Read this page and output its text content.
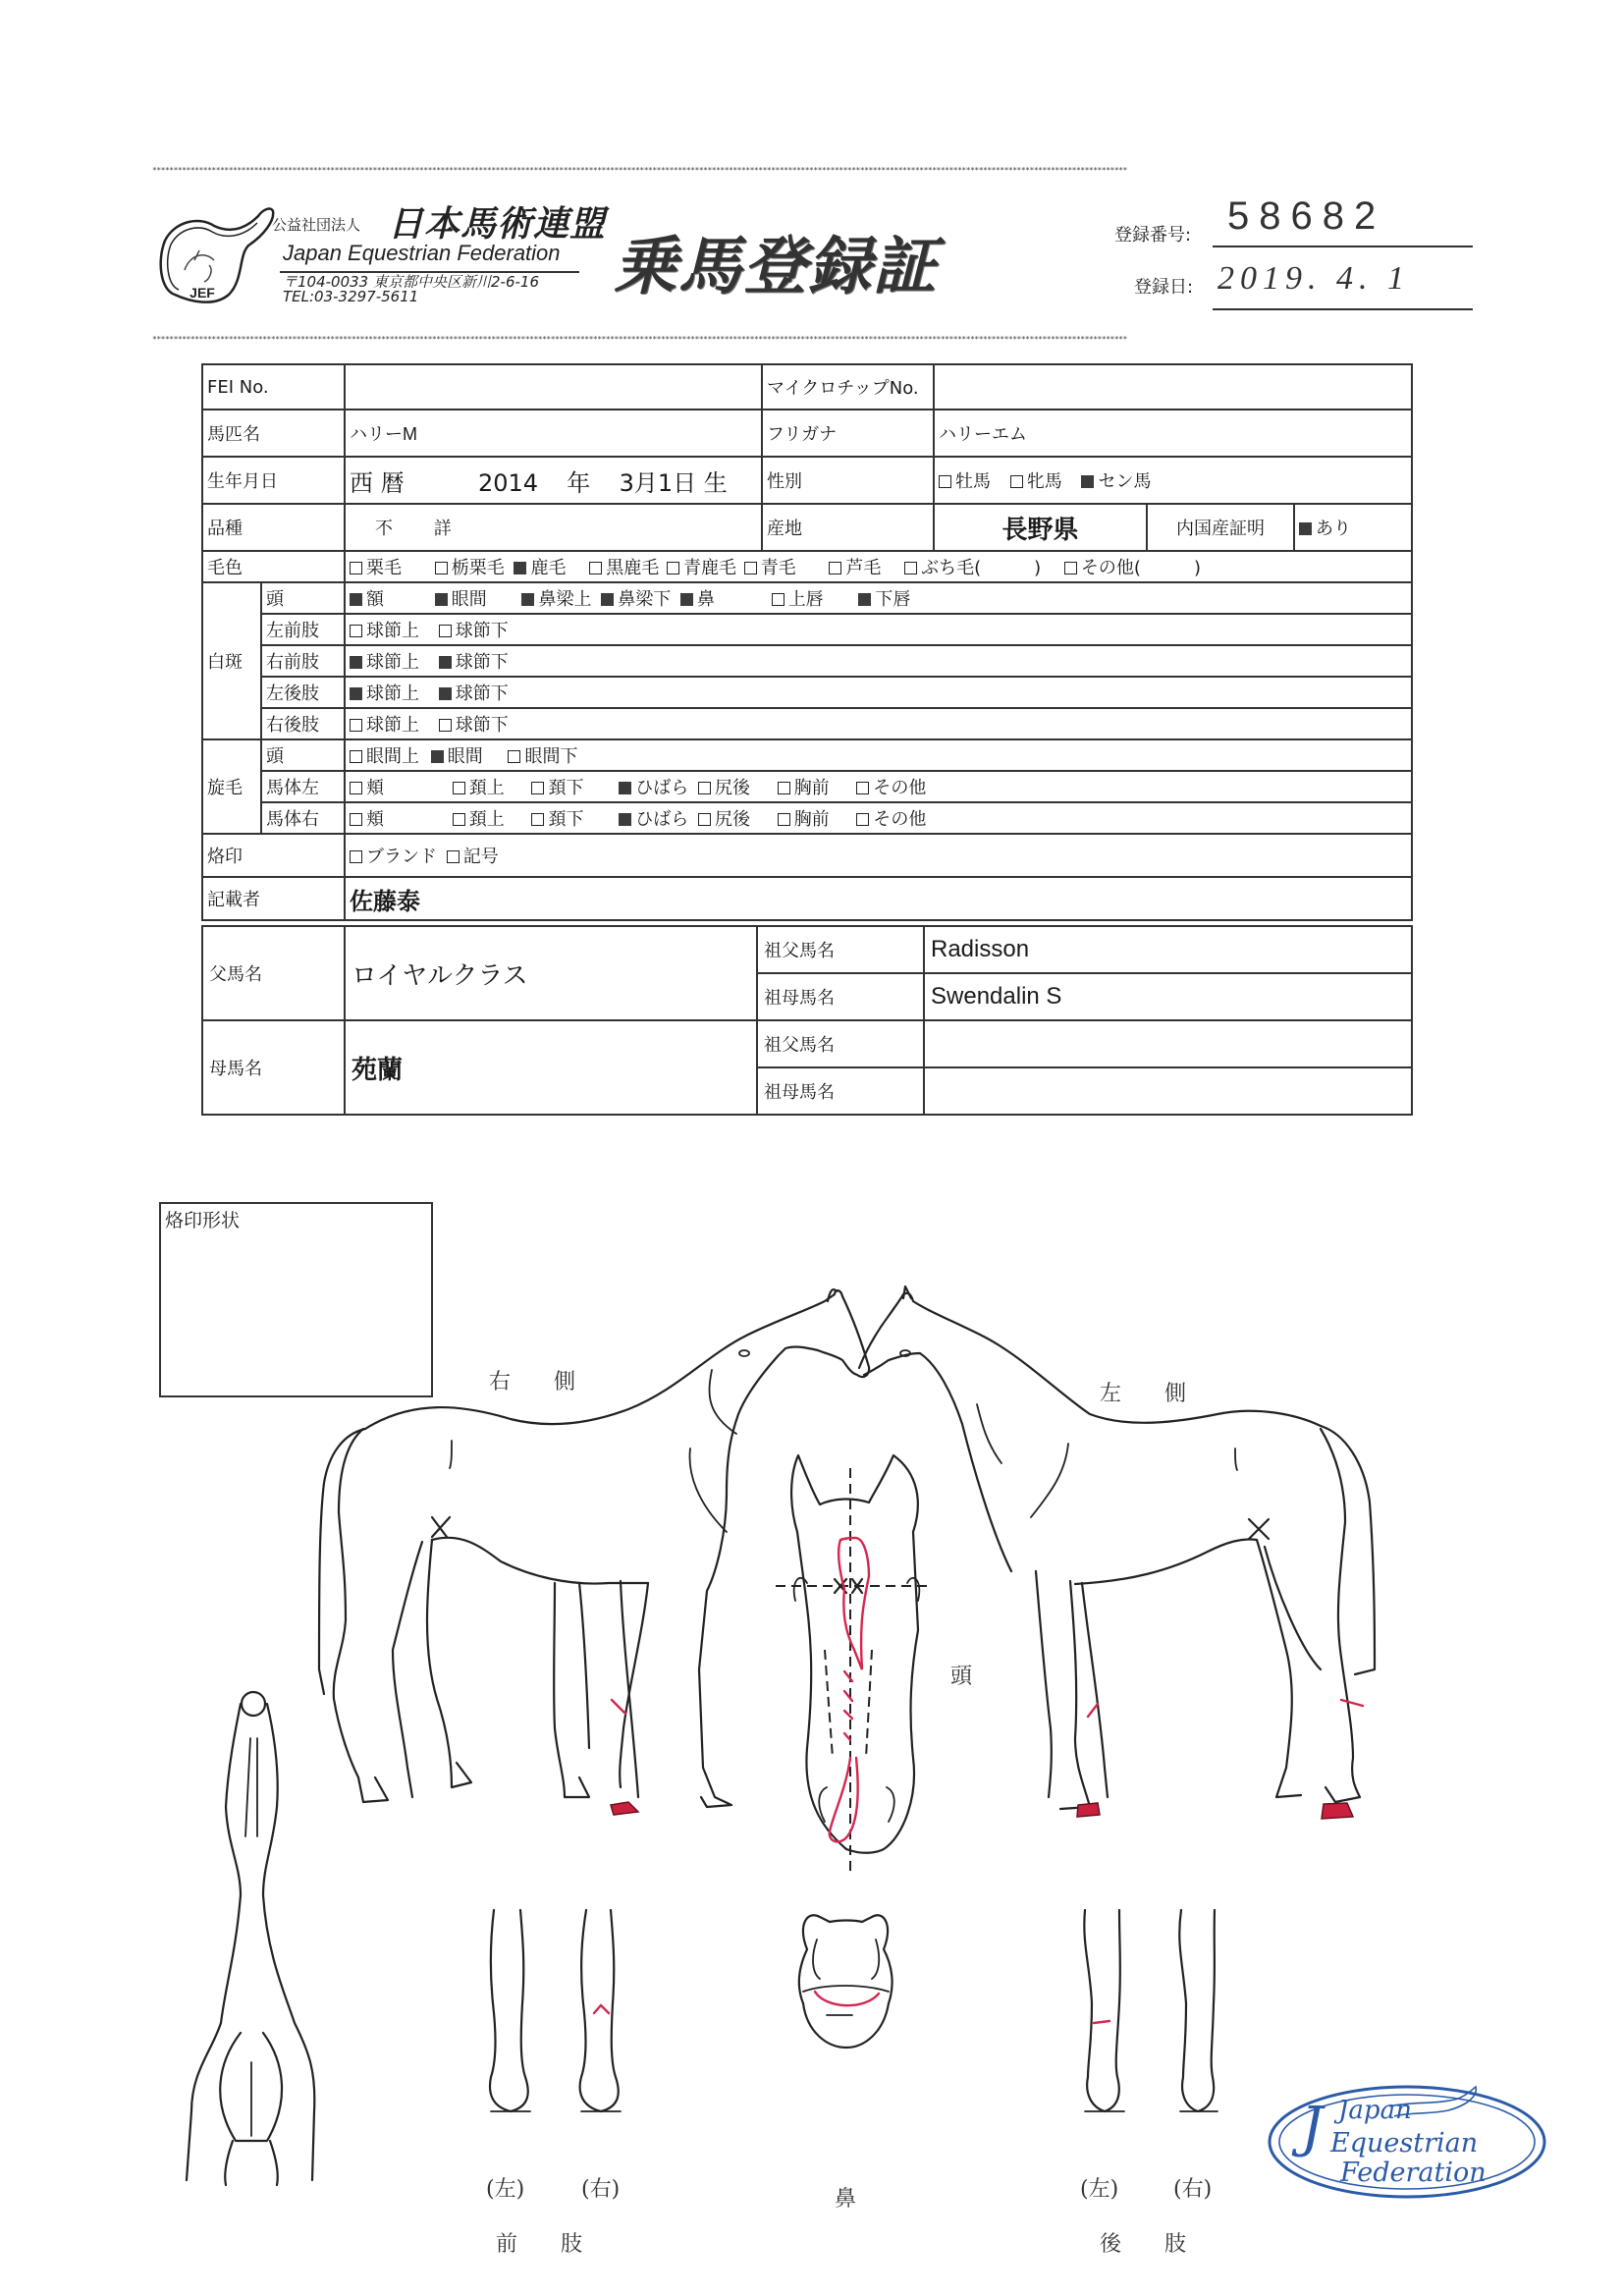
**************************************************************************************************************************************************************************************************************************************
JEF
公益社団法人 日本馬術連盟
Japan Equestrian Federation
〒104-0033 東京都中央区新川2-6-16
TEL:03-3297-5611	乗馬登録証	登録番号: 58682
登録日: 2019. 4. 1
**************************************************************************************************************************************************************************************************************************************
FEI No.			マイクロチップNo.			
馬匹名		ハリーM	フリガナ	ハリーエム		
生年月日		西 暦 2014 年 3月1日 生	性別	牡馬 牝馬 セン馬		
品種		不 詳	産地	長野県	内国産証明	あり
毛色		栗毛 栃栗毛 鹿毛 黒鹿毛 青鹿毛 青毛 芦毛 ぶち毛(　　　) その他(　　　)				
白斑	頭	額 眼間 鼻梁上 鼻梁下 鼻 上唇 下唇				
	左前肢	球節上 球節下				
	右前肢	球節上 球節下				
	左後肢	球節上 球節下				
	右後肢	球節上 球節下				
旋毛	頭	眼間上 眼間 眼間下				
	馬体左	頬 頚上 頚下 ひばら 尻後 胸前 その他				
	馬体右	頬 頚上 頚下 ひばら 尻後 胸前 その他				
烙印		ブランド 記号				
記載者		佐藤泰				
父馬名	ロイヤルクラス	祖父馬名	Radisson
		祖母馬名	Swendalin S
母馬名	苑蘭	祖父馬名	
		祖母馬名	
烙印形状
右　　側	左　　側
頭
(左)	(右)
前　　肢
鼻	(左)	(右)
後　　肢
J Japan
Equestrian
Federation
